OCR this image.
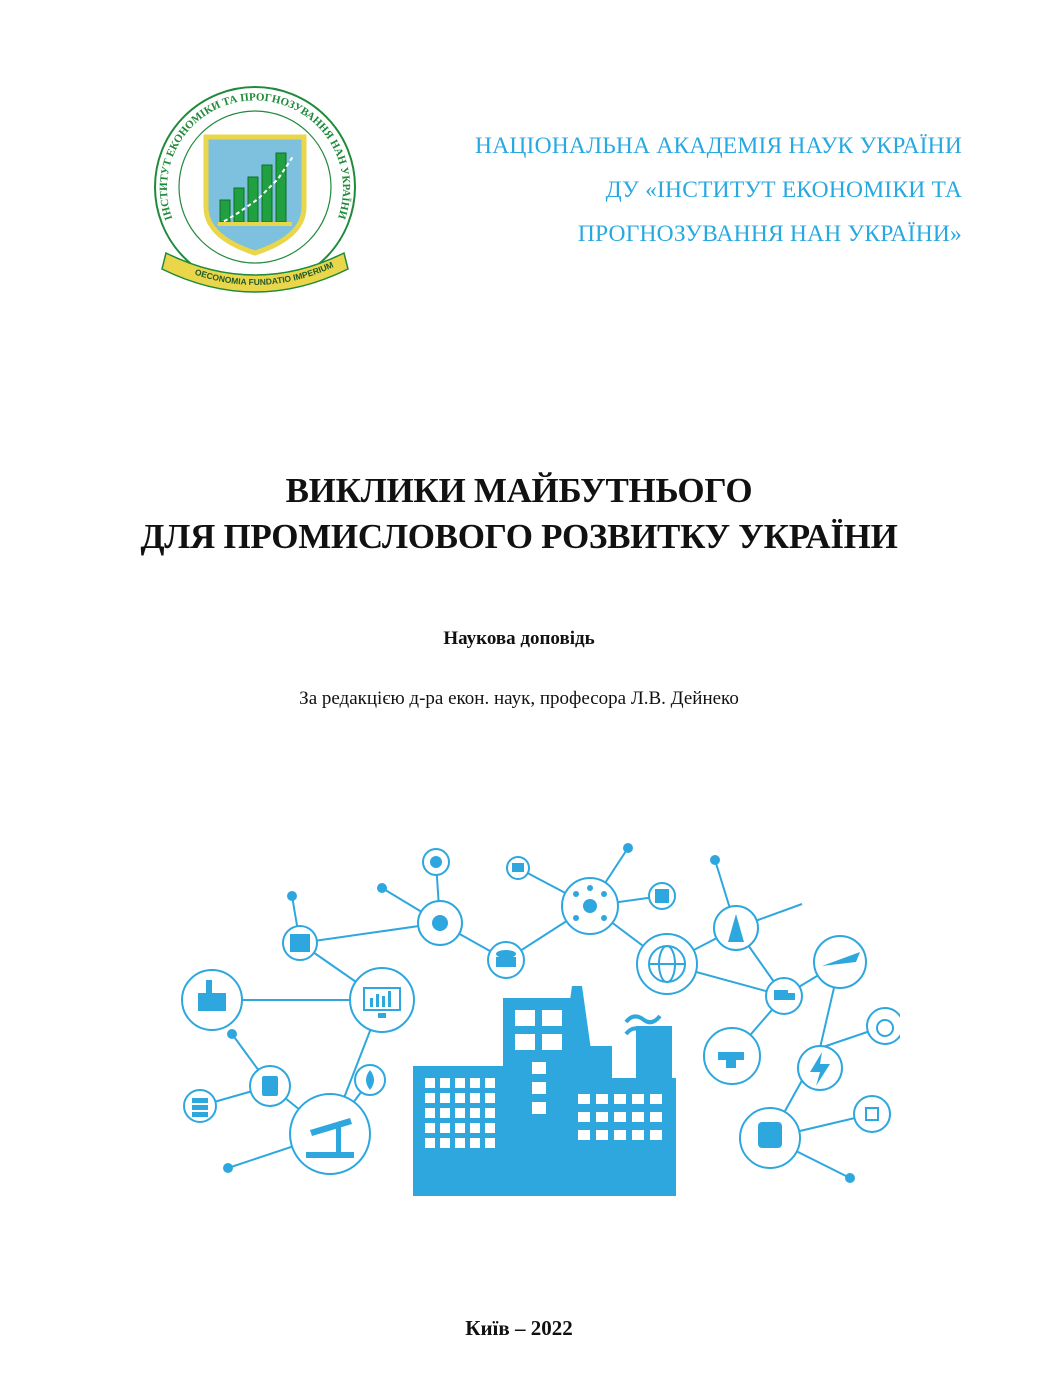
ІНСТИТУТ ЕКОНОМІКИ ТА ПРОГНОЗУВАННЯ НАН УКРАЇНИ
OECONOMIA FUNDATIO IMPERIUM
НАЦІОНАЛЬНА АКАДЕМІЯ НАУК УКРАЇНИ
ДУ «ІНСТИТУТ ЕКОНОМІКИ ТА
ПРОГНОЗУВАННЯ НАН УКРАЇНИ»
ВИКЛИКИ МАЙБУТНЬОГО
ДЛЯ ПРОМИСЛОВОГО РОЗВИТКУ УКРАЇНИ
Наукова доповідь
За редакцією д-ра екон. наук, професора Л.В. Дейнеко
Київ – 2022
